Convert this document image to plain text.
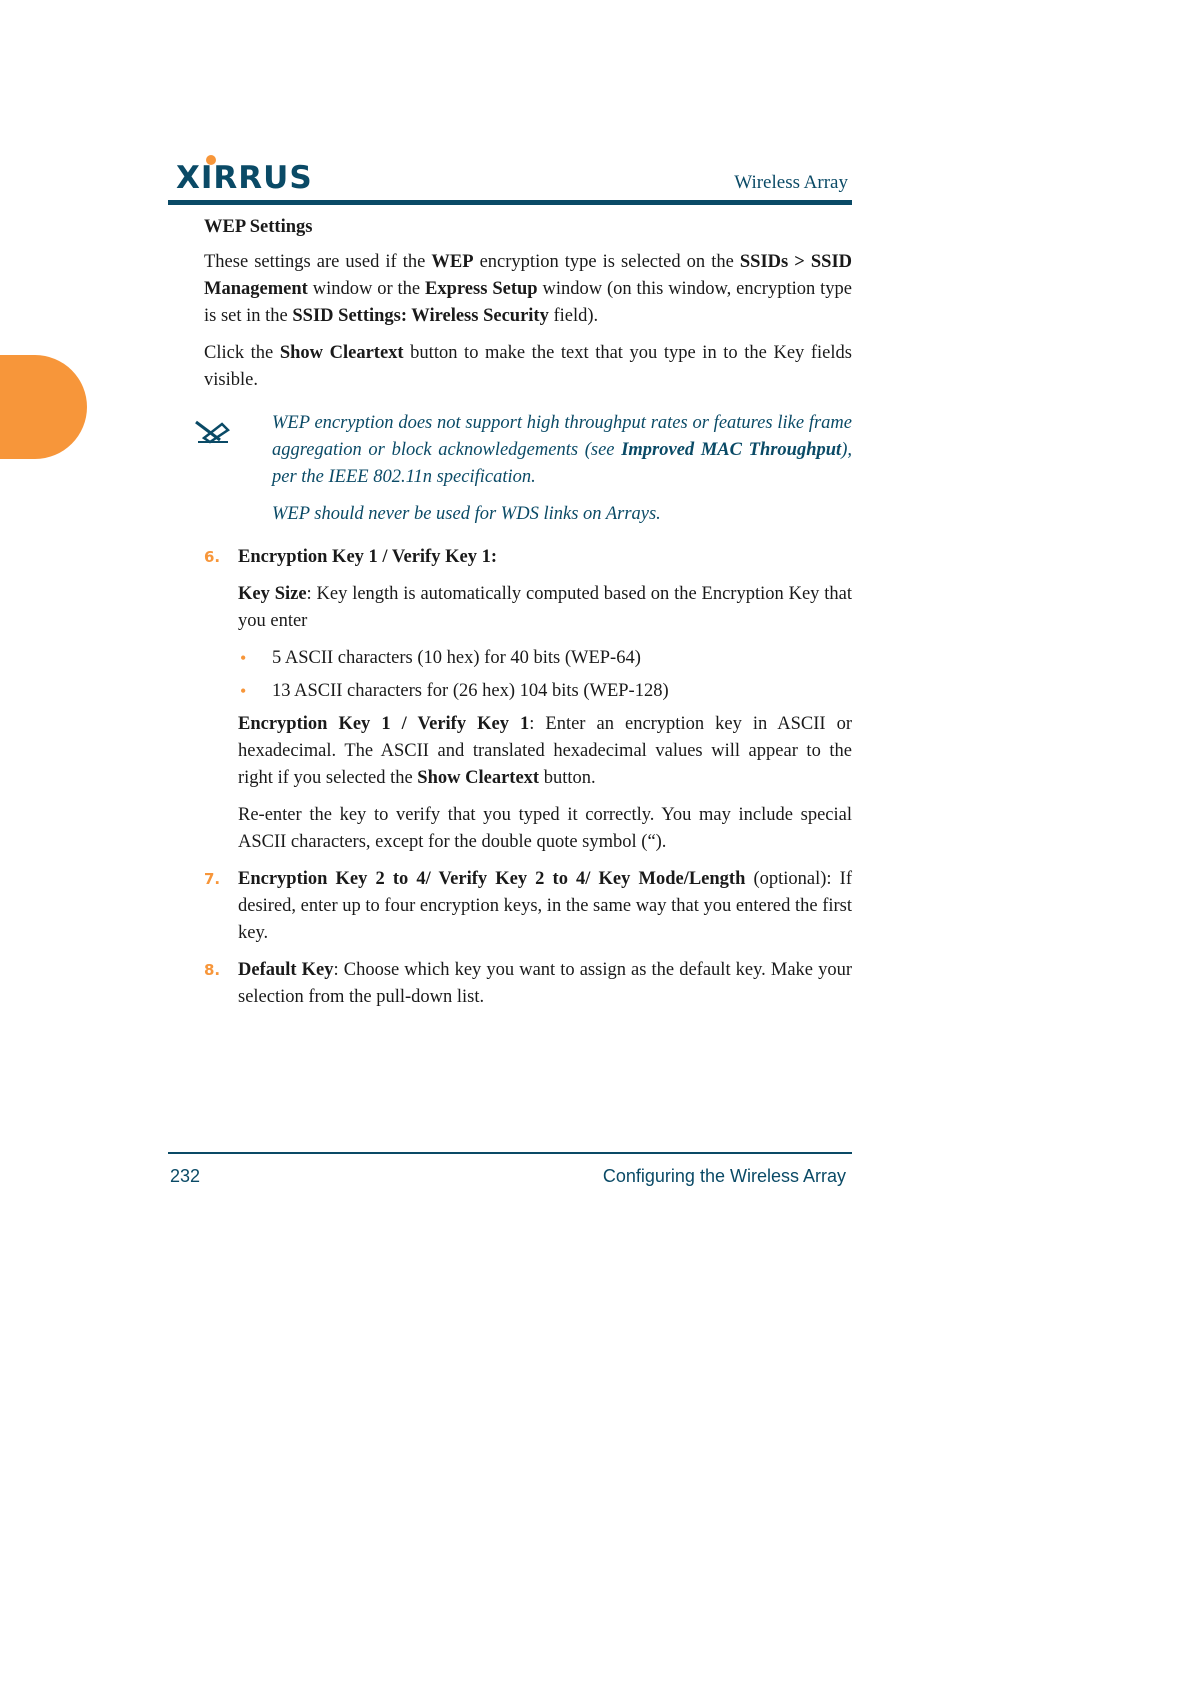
XIRRUS	Wireless Array

WEP Settings

These settings are used if the WEP encryption type is selected on the SSIDs > SSID Management window or the Express Setup window (on this window, encryption type is set in the SSID Settings: Wireless Security field).

Click the Show Cleartext button to make the text that you type in to the Key fields visible.

WEP encryption does not support high throughput rates or features like frame aggregation or block acknowledgements (see Improved MAC Throughput), per the IEEE 802.11n specification.

WEP should never be used for WDS links on Arrays.

6. Encryption Key 1 / Verify Key 1:

Key Size: Key length is automatically computed based on the Encryption Key that you enter

• 5 ASCII characters (10 hex) for 40 bits (WEP-64)
• 13 ASCII characters for (26 hex) 104 bits (WEP-128)

Encryption Key 1 / Verify Key 1: Enter an encryption key in ASCII or hexadecimal. The ASCII and translated hexadecimal values will appear to the right if you selected the Show Cleartext button.

Re-enter the key to verify that you typed it correctly. You may include special ASCII characters, except for the double quote symbol (“).

7. Encryption Key 2 to 4/ Verify Key 2 to 4/ Key Mode/Length (optional): If desired, enter up to four encryption keys, in the same way that you entered the first key.

8. Default Key: Choose which key you want to assign as the default key. Make your selection from the pull-down list.

232	Configuring the Wireless Array
